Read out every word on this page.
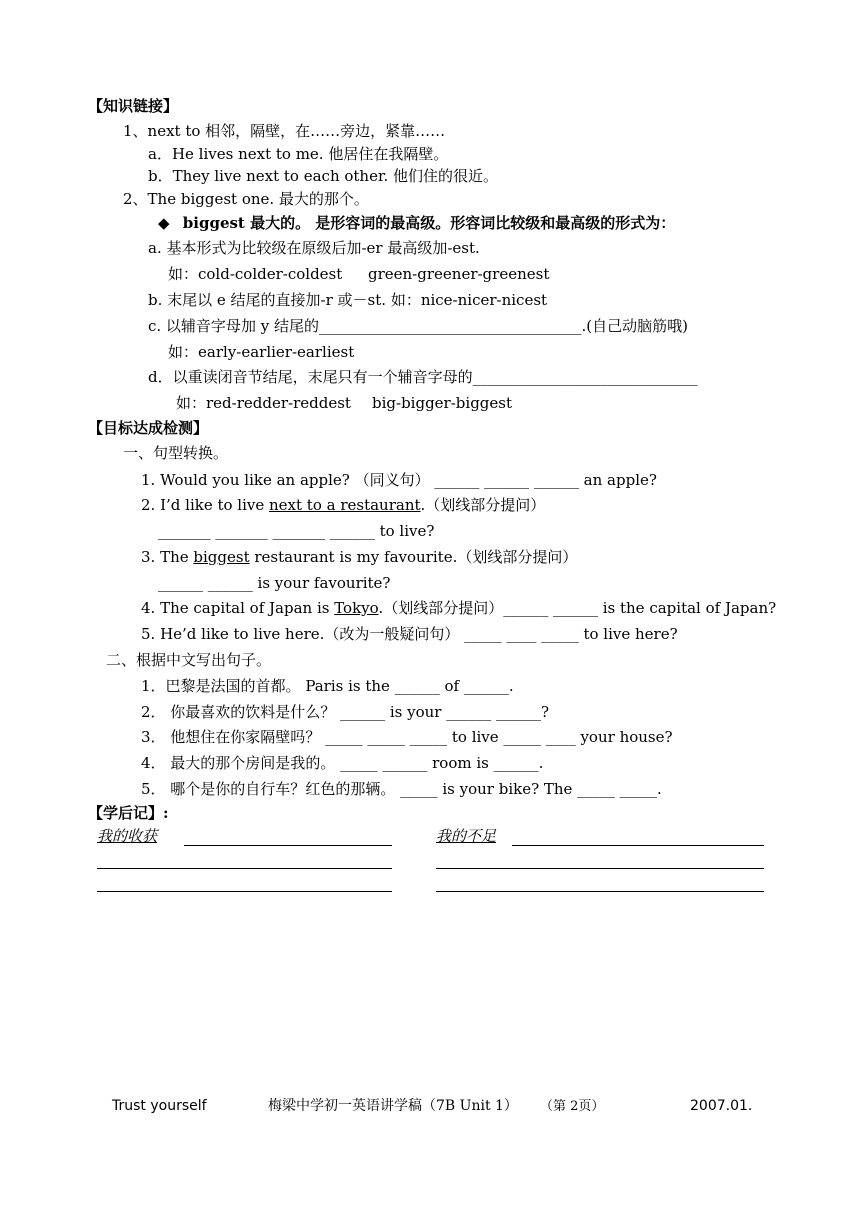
【知识链接】
1、next to 相邻，隔壁，在……旁边，紧靠……
a．He lives next to me. 他居住在我隔壁。
b．They live next to each other. 他们住的很近。
2、The biggest one. 最大的那个。
◆ biggest 最大的。 是形容词的最高级。形容词比较级和最高级的形式为：
a. 基本形式为比较级在原级后加-er 最高级加-est.
如：cold-colder-coldest green-greener-greenest
b. 末尾以 e 结尾的直接加-r 或－st. 如：nice-nicer-nicest
c. 以辅音字母加 y 结尾的___________________________________.(自己动脑筋哦)
如：early-earlier-earliest
d．以重读闭音节结尾，末尾只有一个辅音字母的______________________________
如：red-redder-reddest big-bigger-biggest
【目标达成检测】
一、句型转换。
1. Would you like an apple? （同义句） ______ ______ ______ an apple?
2. I’d like to live next to a restaurant.（划线部分提问）
_______ _______ _______ ______ to live?
3. The biggest restaurant is my favourite.（划线部分提问）
______ ______ is your favourite?
4. The capital of Japan is Tokyo.（划线部分提问）______ ______ is the capital of Japan?
5. He’d like to live here.（改为一般疑问句） _____ ____ _____ to live here?
二、根据中文写出句子。
1．巴黎是法国的首都。 Paris is the ______ of ______.
2． 你最喜欢的饮料是什么？ ______ is your ______ ______?
3． 他想住在你家隔壁吗？ _____ _____ _____ to live _____ ____ your house?
4． 最大的那个房间是我的。 _____ ______ room is ______.
5． 哪个是你的自行车？红色的那辆。 _____ is your bike? The _____ _____.
【学后记】:
我的收获	我的不足
Trust yourself	梅梁中学初一英语讲学稿（7B Unit 1） （第 2页）	2007.01.
